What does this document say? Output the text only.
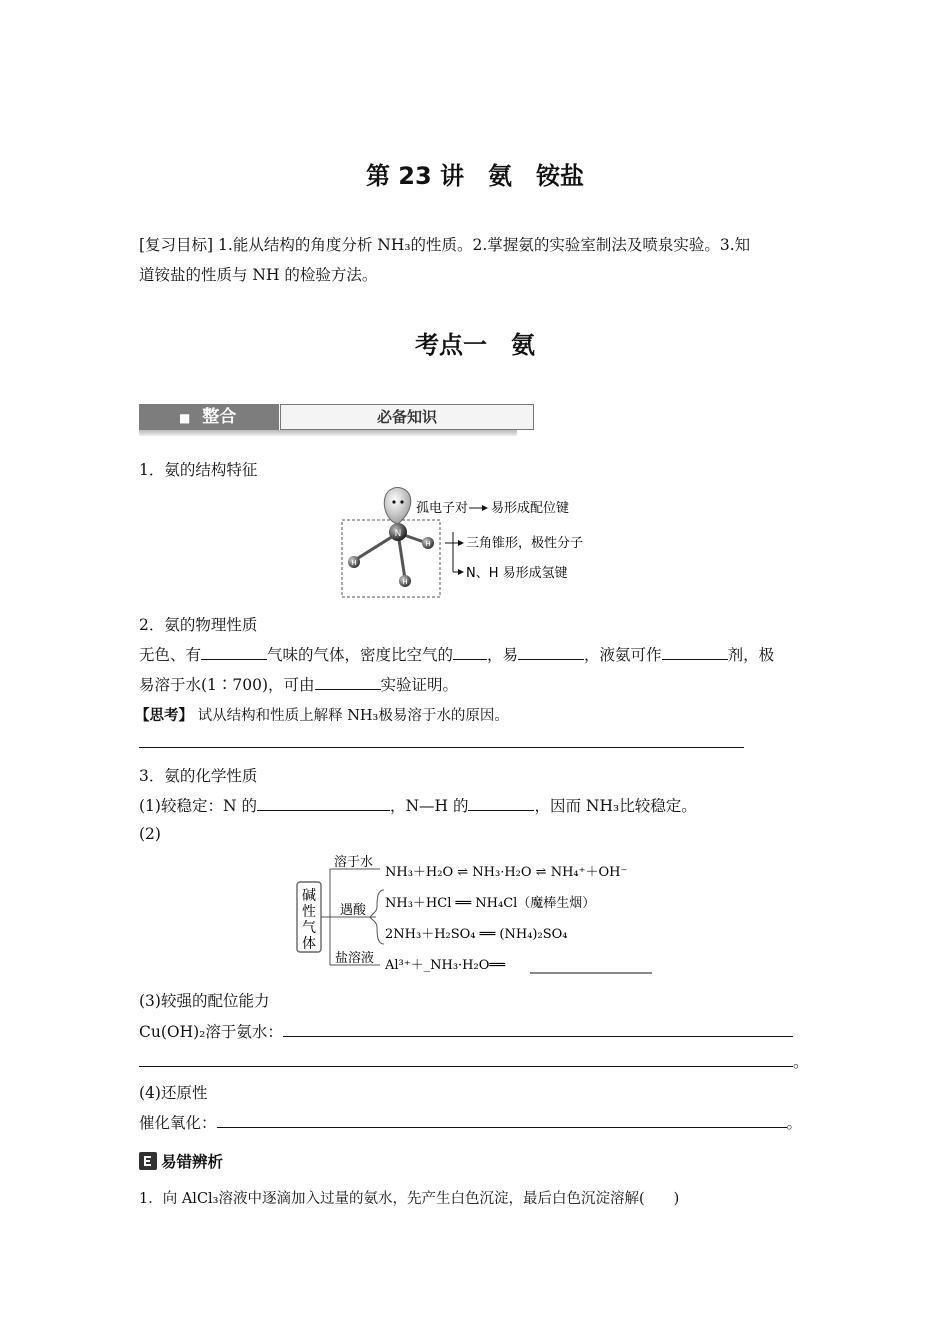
第 23 讲　氨　铵盐
[复习目标] 1.能从结构的角度分析 NH₃的性质。2.掌握氨的实验室制法及喷泉实验。3.知
道铵盐的性质与 NH 的检验方法。
考点一　氨
■ 整合	必备知识
1．氨的结构特征
N
H
H
H
孤电子对 易形成配位键
三角锥形，极性分子
N、H 易形成氢键
2．氨的物理性质
无色、有	气味的气体，密度比空气的 ，易	，液氨可作	剂，极
易溶于水(1∶700)，可由	实验证明。
【思考】 试从结构和性质上解释 NH₃极易溶于水的原因。
3．氨的化学性质
(1)较稳定：N 的	，N—H 的	，因而 NH₃比较稳定。
(2)
碱
性
气
体
溶于水
遇酸
盐溶液
NH₃＋H₂O ⇌ NH₃·H₂O ⇌ NH₄⁺＋OH⁻
NH₃＋HCl ══ NH₄Cl（魔棒生烟）
2NH₃＋H₂SO₄ ══ (NH₄)₂SO₄
Al³⁺＋_NH₃·H₂O══
(3)较强的配位能力
Cu(OH)₂溶于氨水：
。
(4)还原性
催化氧化：	。
易错辨析
1．向 AlCl₃溶液中逐滴加入过量的氨水，先产生白色沉淀，最后白色沉淀溶解(　　)
